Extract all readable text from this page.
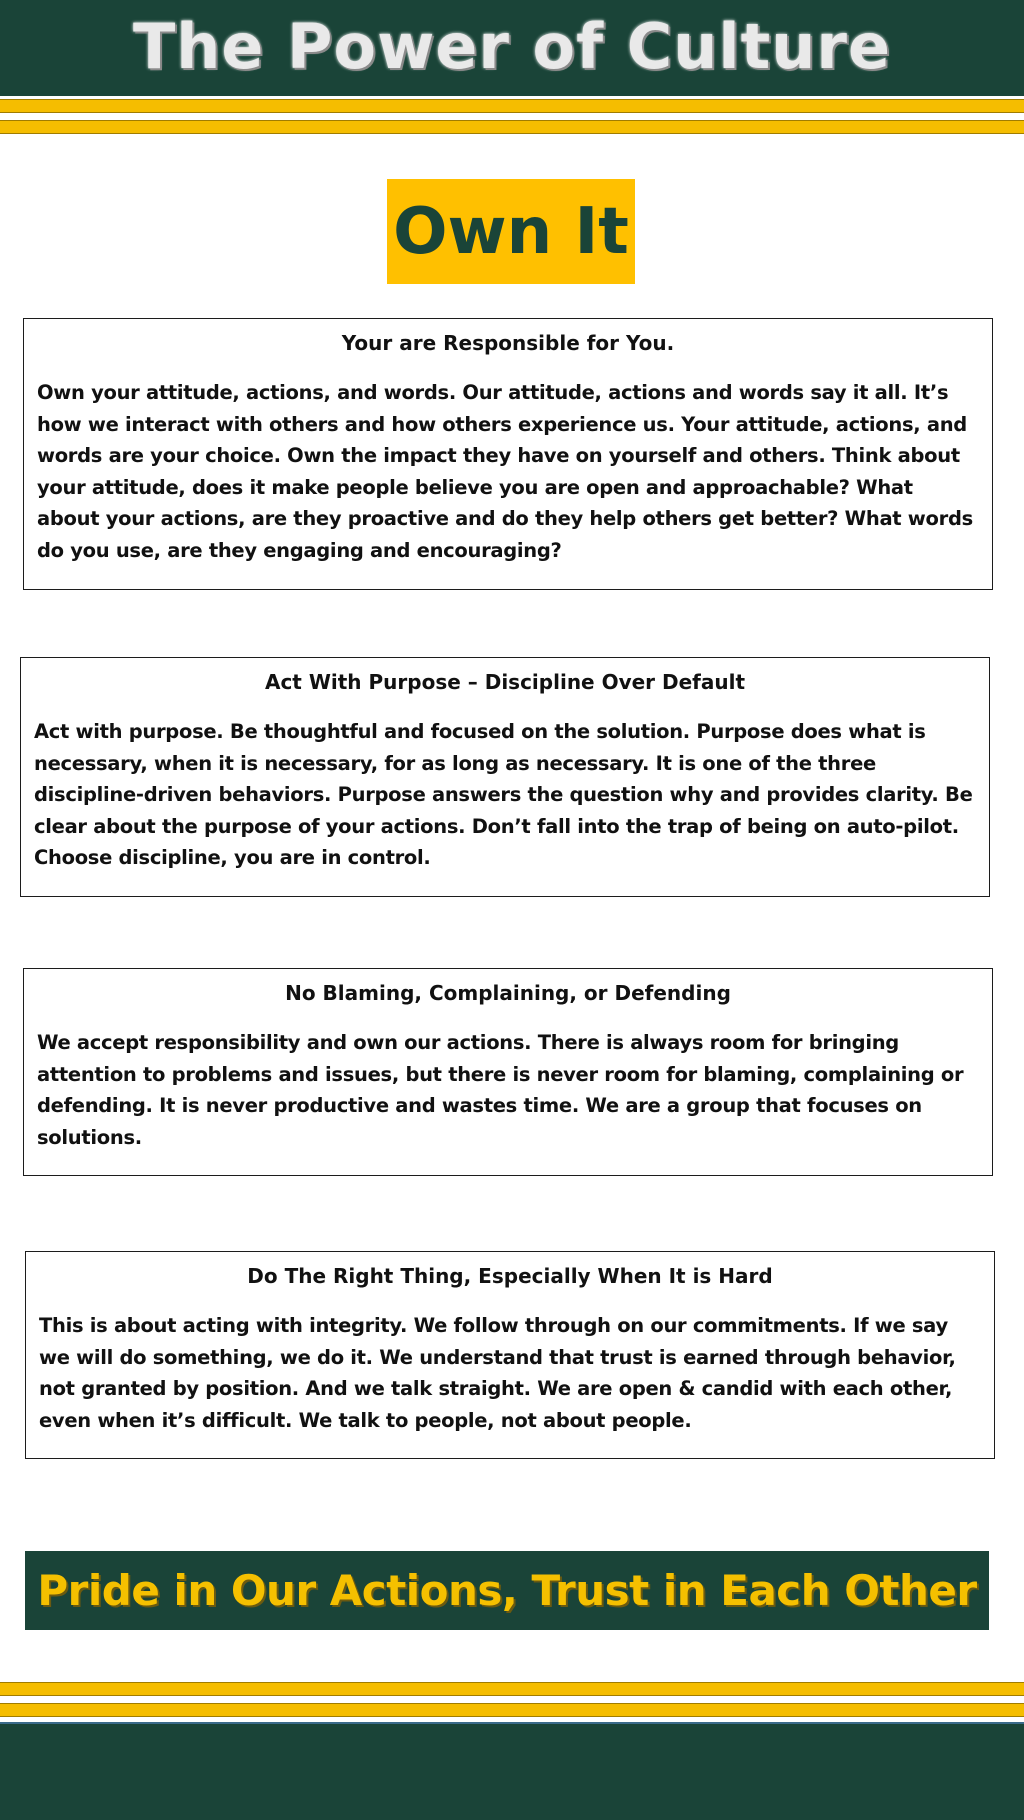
The Power of Culture
Own It
Your are Responsible for You.

Own your attitude, actions, and words. Our attitude, actions and words say it all. It’s how we interact with others and how others experience us. Your attitude, actions, and words are your choice. Own the impact they have on yourself and others. Think about your attitude, does it make people believe you are open and approachable? What about your actions, are they proactive and do they help others get better? What words do you use, are they engaging and encouraging?

Act With Purpose – Discipline Over Default

Act with purpose. Be thoughtful and focused on the solution. Purpose does what is necessary, when it is necessary, for as long as necessary. It is one of the three discipline-driven behaviors. Purpose answers the question why and provides clarity. Be clear about the purpose of your actions. Don’t fall into the trap of being on auto-pilot. Choose discipline, you are in control.

No Blaming, Complaining, or Defending

We accept responsibility and own our actions. There is always room for bringing attention to problems and issues, but there is never room for blaming, complaining or defending. It is never productive and wastes time. We are a group that focuses on solutions.

Do The Right Thing, Especially When It is Hard

This is about acting with integrity. We follow through on our commitments. If we say we will do something, we do it. We understand that trust is earned through behavior, not granted by position. And we talk straight. We are open & candid with each other, even when it’s difficult. We talk to people, not about people.

Pride in Our Actions, Trust in Each Other
